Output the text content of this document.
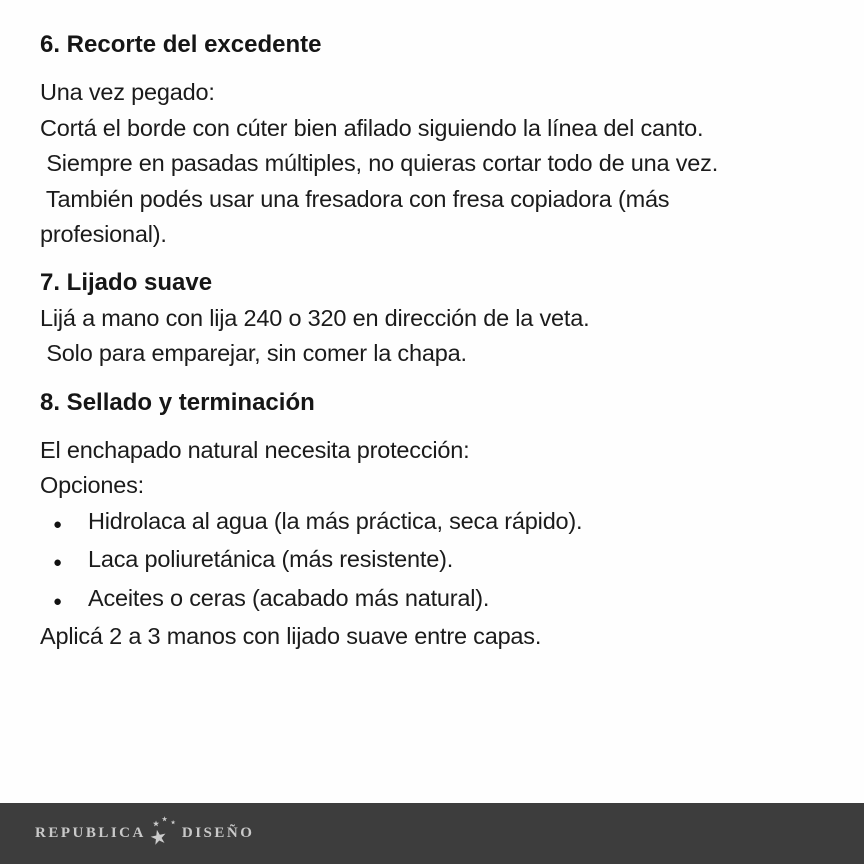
6. Recorte del excedente
Una vez pegado:
Cortá el borde con cúter bien afilado siguiendo la línea del canto.
Siempre en pasadas múltiples, no quieras cortar todo de una vez.
También podés usar una fresadora con fresa copiadora (más
profesional).
7. Lijado suave
Lijá a mano con lija 240 o 320 en dirección de la veta.
Solo para emparejar, sin comer la chapa.
8. Sellado y terminación
El enchapado natural necesita protección:
Opciones:
●	Hidrolaca al agua (la más práctica, seca rápido).
●	Laca poliuretánica (más resistente).
●	Aceites o ceras (acabado más natural).
Aplicá 2 a 3 manos con lijado suave entre capas.
REPUBLICA ★
★ ★
★
DISEÑO
